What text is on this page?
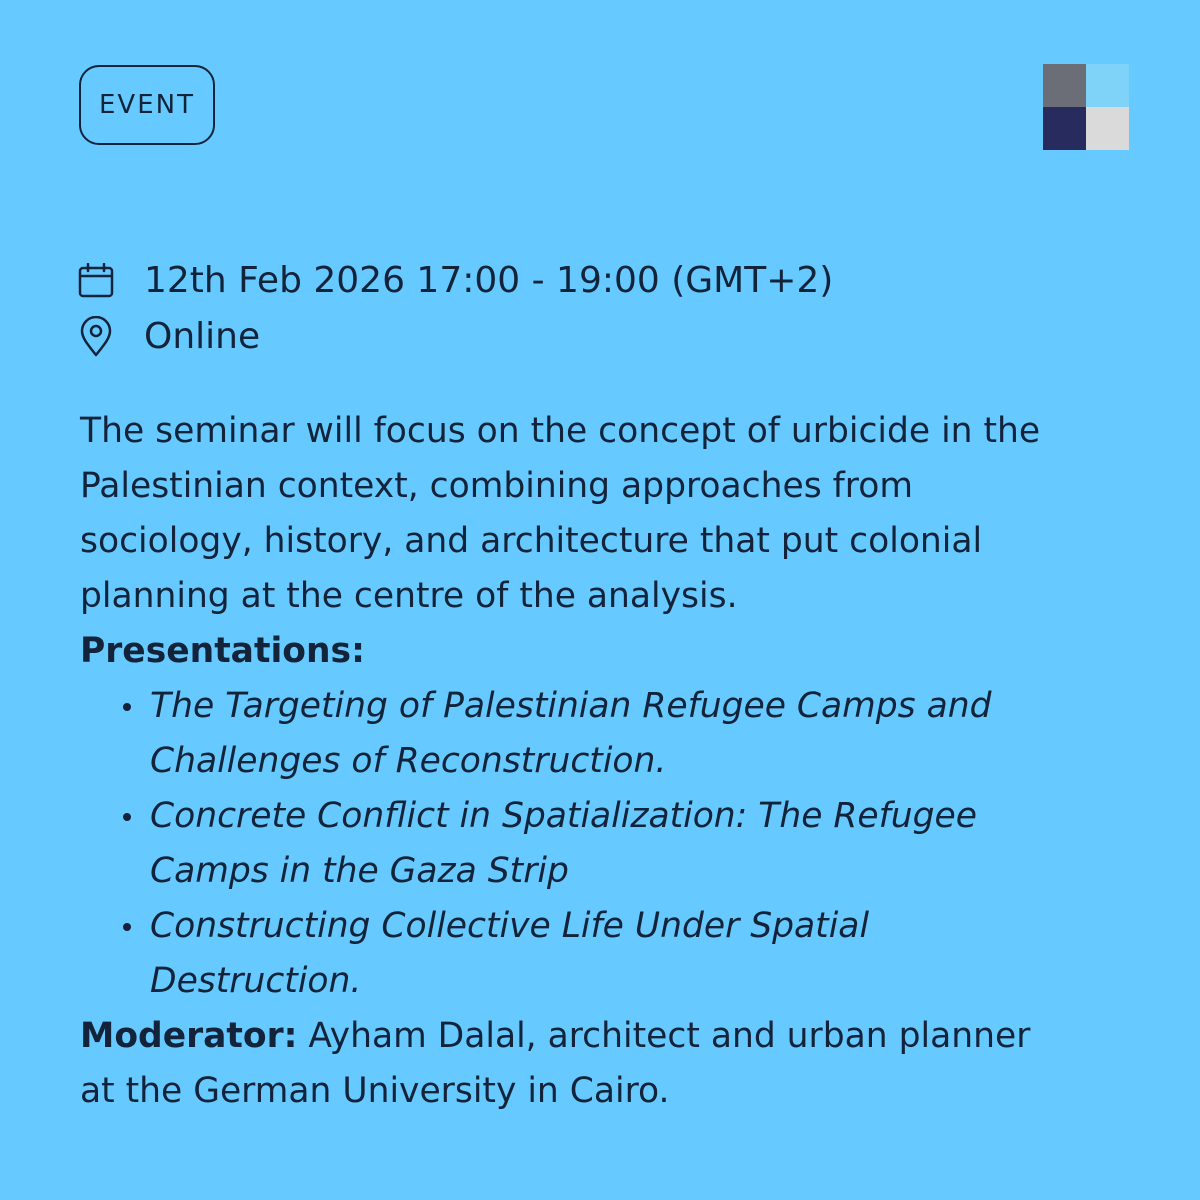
EVENT
12th Feb 2026 17:00 - 19:00 (GMT+2)
Online

The seminar will focus on the concept of urbicide in the Palestinian context, combining approaches from sociology, history, and architecture that put colonial planning at the centre of the analysis.

Presentations:

The Targeting of Palestinian Refugee Camps and Challenges of Reconstruction.
Concrete Conflict in Spatialization: The Refugee Camps in the Gaza Strip
Constructing Collective Life Under Spatial Destruction.

Moderator: Ayham Dalal, architect and urban planner at the German University in Cairo.
